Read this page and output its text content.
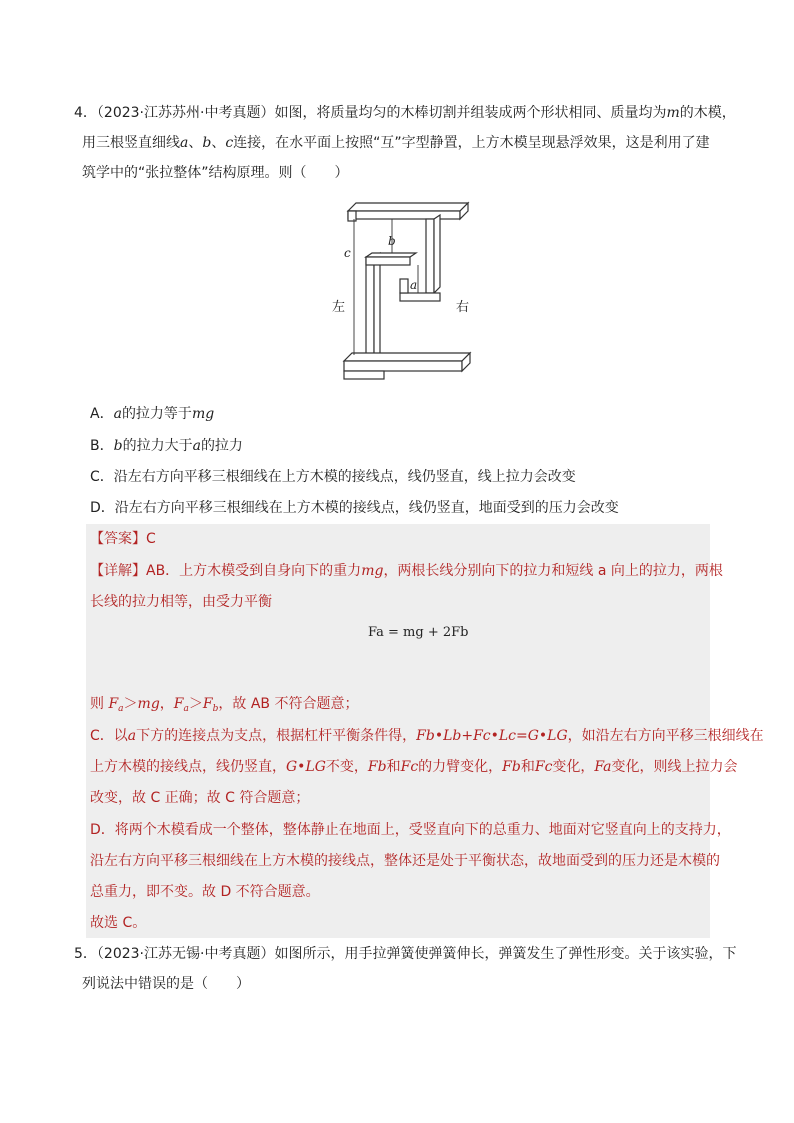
4．（2023·江苏苏州·中考真题）如图，将质量均匀的木棒切割并组装成两个形状相同、质量均为m的木模，
用三根竖直细线a、b、c连接，在水平面上按照“互”字型静置，上方木模呈现悬浮效果，这是利用了建
筑学中的“张拉整体”结构原理。则（　　）
c
b
a
左	右
A．a的拉力等于mg
B．b的拉力大于a的拉力
C．沿左右方向平移三根细线在上方木模的接线点，线仍竖直，线上拉力会改变
D．沿左右方向平移三根细线在上方木模的接线点，线仍竖直，地面受到的压力会改变
【答案】C
【详解】AB．上方木模受到自身向下的重力mg，两根长线分别向下的拉力和短线 a 向上的拉力，两根
长线的拉力相等，由受力平衡
Fa = mg + 2Fb
则 $F_a>mg$，$F_a>F_b$，故 AB 不符合题意；
C．以a下方的连接点为支点，根据杠杆平衡条件得，Fb•Lb+Fc•Lc=G•LG，如沿左右方向平移三根细线在
上方木模的接线点，线仍竖直，G•LG不变，Fb和Fc的力臂变化，Fb和Fc变化，Fa变化，则线上拉力会
改变，故 C 正确；故 C 符合题意；
D．将两个木模看成一个整体，整体静止在地面上，受竖直向下的总重力、地面对它竖直向上的支持力，
沿左右方向平移三根细线在上方木模的接线点，整体还是处于平衡状态，故地面受到的压力还是木模的
总重力，即不变。故 D 不符合题意。
故选 C。
5．（2023·江苏无锡·中考真题）如图所示，用手拉弹簧使弹簧伸长，弹簧发生了弹性形变。关于该实验，下
列说法中错误的是（　　）
